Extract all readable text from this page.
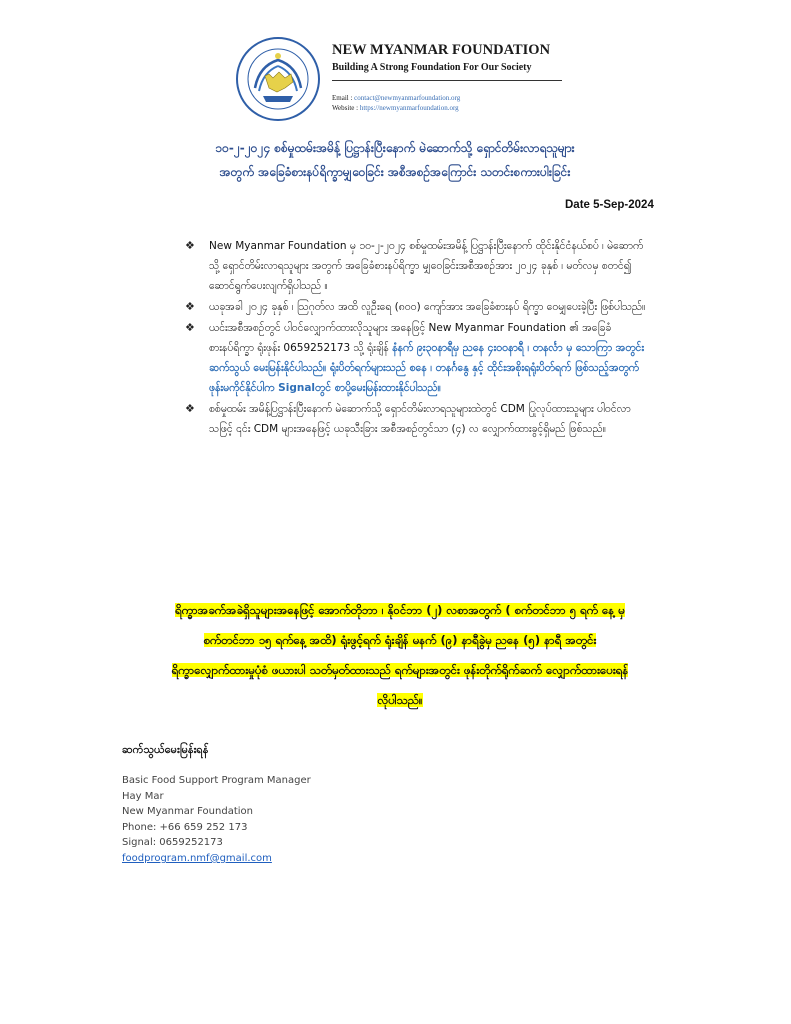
NEW MYANMAR FOUNDATION
Building A Strong Foundation For Our Society
Email : contact@newmyanmarfoundation.org
Website : https://newmyanmarfoundation.org
၁၀-၂-၂၀၂၄ စစ်မှုထမ်းအမိန့် ပြဋ္ဌာန်းပြီးနောက် မဲဆောက်သို့ ရှောင်တိမ်းလာရသူများ
အတွက် အခြေခံစားနပ်ရိက္ခာမျှဝေခြင်း အစီအစဉ်အကြောင်း သတင်းစကားပါးခြင်း
Date 5-Sep-2024
❖ New Myanmar Foundation မှ ၁၀-၂-၂၀၂၄ စစ်မှုထမ်းအမိန့် ပြဋ္ဌာန်းပြီးနောက် ထိုင်းနိုင်ငံနယ်စပ် ၊ မဲဆောက်သို့ ရှောင်တိမ်းလာရသူများ အတွက် အခြေခံစားနပ်ရိက္ခာ မျှဝေခြင်းအစီအစဉ်အား ၂၀၂၄ ခုနှစ် ၊ မတ်လမှ စတင်၍ ဆောင်ရွက်ပေးလျက်ရှိပါသည် ။
❖ ယခုအခါ ၂၀၂၄ ခုနှစ် ၊ ဩဂုတ်လ အထိ လူဦးရေ (၈၀၀) ကျော်အား အခြေခံစားနပ် ရိက္ခာ ဝေမျှပေးခဲ့ပြီး ဖြစ်ပါသည်။
❖ ယင်းအစီအစဉ်တွင် ပါဝင်လျှောက်ထားလိုသူများ အနေဖြင့် New Myanmar Foundation ၏ အခြေခံစားနပ်ရိက္ခာ ရုံးဖုန်း 0659252173 သို့ ရုံးချိန် နံနက် ၉း၃၀နာရီမှ ညနေ ၄း၀၀နာရီ ၊ တနင်္လာ မှ သောကြာ အတွင်း ဆက်သွယ် မေးမြန်းနိုင်ပါသည်။ ရုံးပိတ်ရက်များသည် စနေ ၊ တနင်္ဂနွေ နှင့် ထိုင်းအစိုးရရုံးပိတ်ရက် ဖြစ်သည့်အတွက် ဖုန်းမကိုင်နိုင်ပါက Signalတွင် စာပို့မေးမြန်းထားနိုင်ပါသည်။
❖ စစ်မှုထမ်း အမိန့်ပြဋ္ဌာန်းပြီးနောက် မဲဆောက်သို့ ရှောင်တိမ်းလာရသူများထဲတွင် CDM ပြုလုပ်ထားသူများ ပါဝင်လာသဖြင့် ၎င်း CDM များအနေဖြင့် ယခုသီးခြား အစီအစဉ်တွင်သာ (၄) လ လျှောက်ထားခွင့်ရှိမည် ဖြစ်သည်။
ရိက္ခာအခက်အခဲရှိသူများအနေဖြင့် အောက်တိုဘာ ၊ နိုဝင်ဘာ (၂) လစာအတွက် ( စက်တင်ဘာ ၅ ရက် နေ့ မှ
စက်တင်ဘာ ၁၅ ရက်နေ့ အထိ) ရုံးဖွင့်ရက် ရုံးချိန် မနက် (၉) နာရီခွဲမှ ညနေ (၅) နာရီ အတွင်း
ရိက္ခာလျှောက်ထားမှုပုံစံ ဖယားပါ သတ်မှတ်ထားသည် ရက်များအတွင်း ဖုန်းတိုက်ရိုက်ဆက် လျှောက်ထားပေးရန်
လိုပါသည်။
ဆက်သွယ်မေးမြန်းရန်
Basic Food Support Program Manager
Hay Mar
New Myanmar Foundation
Phone: +66 659 252 173
Signal: 0659252173
foodprogram.nmf@gmail.com
